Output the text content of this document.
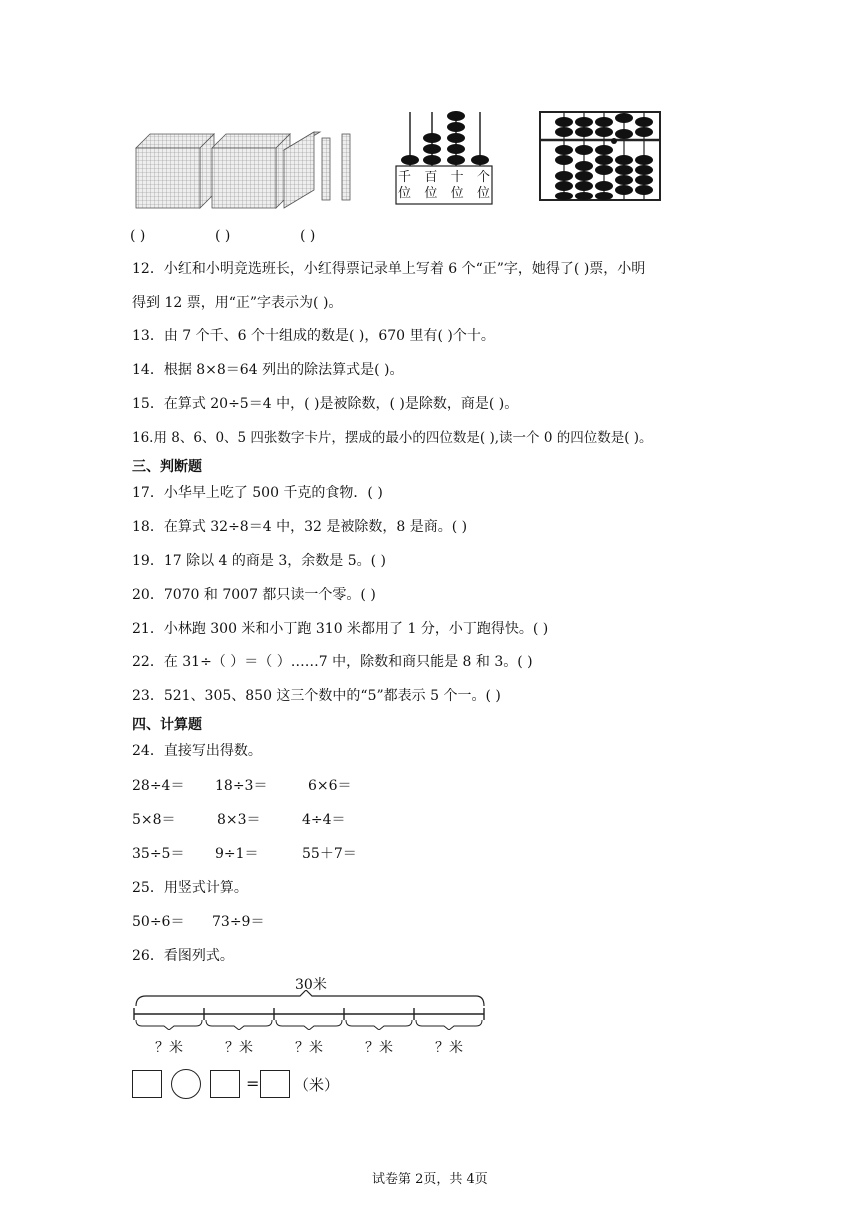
千
位
百
位
十
位
个
位
( )	( )	( )
12．小红和小明竞选班长，小红得票记录单上写着 6 个“正”字，她得了( )票，小明
得到 12 票，用“正”字表示为( )。
13．由 7 个千、6 个十组成的数是( )，670 里有( )个十。
14．根据 8×8＝64 列出的除法算式是( )。
15．在算式 20÷5＝4 中，( )是被除数，( )是除数，商是( )。
16.用 8、6、0、5 四张数字卡片，摆成的最小的四位数是( ),读一个 0 的四位数是( )。
三、判断题
17．小华早上吃了 500 千克的食物．( )
18．在算式 32÷8＝4 中，32 是被除数，8 是商。( )
19．17 除以 4 的商是 3，余数是 5。( )
20．7070 和 7007 都只读一个零。( )
21．小林跑 300 米和小丁跑 310 米都用了 1 分，小丁跑得快。( )
22．在 31÷（ ）＝（ ）……7 中，除数和商只能是 8 和 3。( )
23．521、305、850 这三个数中的“5”都表示 5 个一。( )
四、计算题
24．直接写出得数。
28÷4＝ 18÷3＝	6×6＝
5×8＝	8×3＝	4÷4＝
35÷5＝ 9÷1＝	55＋7＝
25．用竖式计算。
50÷6＝ 73÷9＝
26．看图列式。
30米
？米	？米	？米	？米	？米
= （米）
试卷第 2页，共 4页
